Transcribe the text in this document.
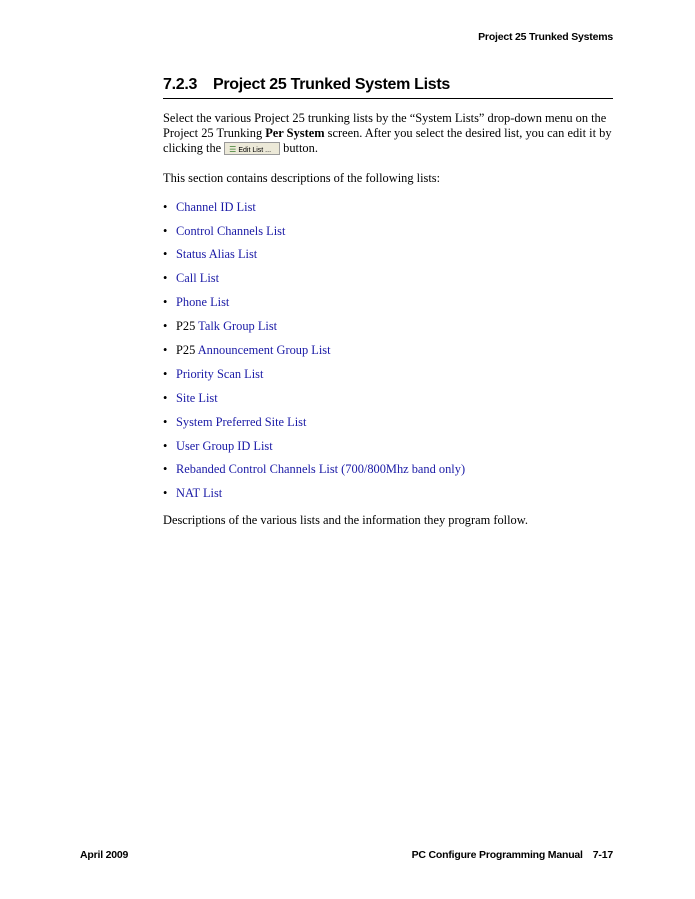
Project 25 Trunked Systems
7.2.3 Project 25 Trunked System Lists

Select the various Project 25 trunking lists by the “System Lists” drop-down menu on the Project 25 Trunking Per System screen. After you select the desired list, you can edit it by clicking the ☰ Edit List ... button.

This section contains descriptions of the following lists:

• Channel ID List
• Control Channels List
• Status Alias List
• Call List
• Phone List
• P25 Talk Group List
• P25 Announcement Group List
• Priority Scan List
• Site List
• System Preferred Site List
• User Group ID List
• Rebanded Control Channels List (700/800Mhz band only)
• NAT List

Descriptions of the various lists and the information they program follow.

April 2009	PC Configure Programming Manual 7-17
